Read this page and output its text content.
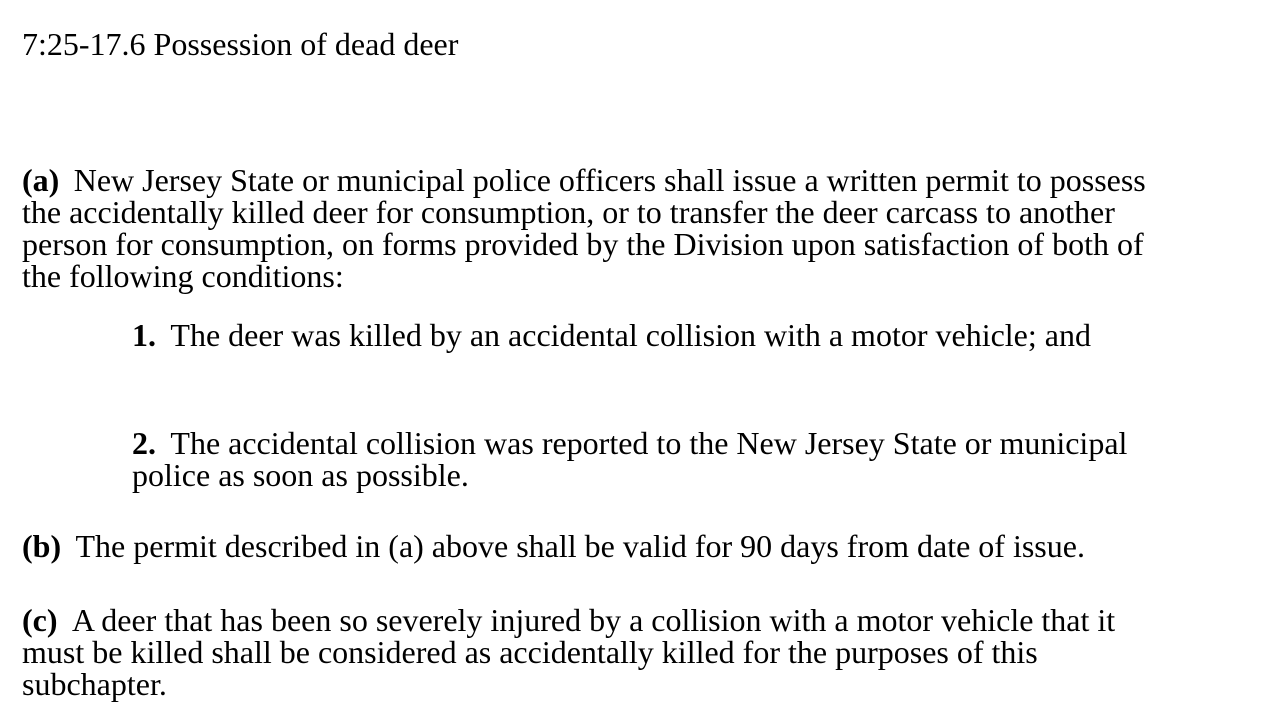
7:25-17.6 Possession of dead deer
(a) New Jersey State or municipal police officers shall issue a written permit to possess
the accidentally killed deer for consumption, or to transfer the deer carcass to another
person for consumption, on forms provided by the Division upon satisfaction of both of
the following conditions:
1. The deer was killed by an accidental collision with a motor vehicle; and
2. The accidental collision was reported to the New Jersey State or municipal
police as soon as possible.
(b) The permit described in (a) above shall be valid for 90 days from date of issue.
(c) A deer that has been so severely injured by a collision with a motor vehicle that it
must be killed shall be considered as accidentally killed for the purposes of this
subchapter.
